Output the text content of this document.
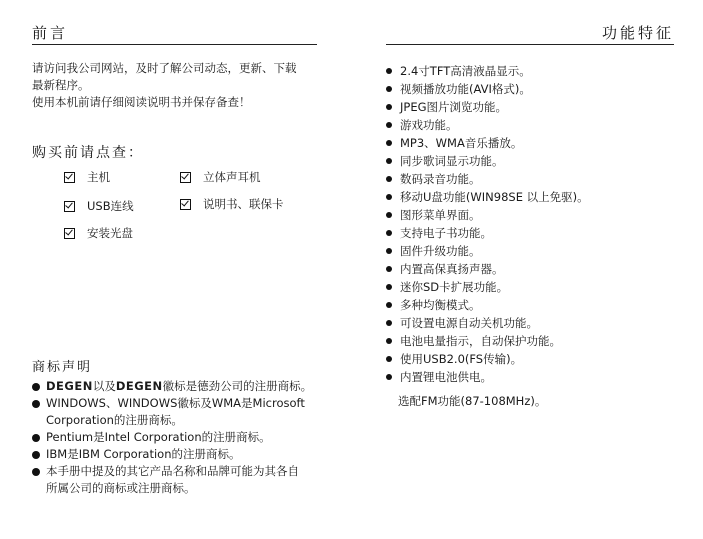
前言
请访问我公司网站，及时了解公司动态，更新、下载
最新程序。
使用本机前请仔细阅读说明书并保存备查！
购买前请点查：
主机	立体声耳机
USB连线	说明书、联保卡
安装光盘
商标声明
DEGEN以及DEGEN徽标是德劲公司的注册商标。
WINDOWS、WINDOWS徽标及WMA是Microsoft
Corporation的注册商标。
Pentium是Intel Corporation的注册商标。
IBM是IBM Corporation的注册商标。
本手册中提及的其它产品名称和品牌可能为其各自
所属公司的商标或注册商标。
功能特征
2.4寸TFT高清液晶显示。
视频播放功能(AVI格式)。
JPEG图片浏览功能。
游戏功能。
MP3、WMA音乐播放。
同步歌词显示功能。
数码录音功能。
移动U盘功能(WIN98SE 以上免驱)。
图形菜单界面。
支持电子书功能。
固件升级功能。
内置高保真扬声器。
迷你SD卡扩展功能。
多种均衡模式。
可设置电源自动关机功能。
电池电量指示，自动保护功能。
使用USB2.0(FS传输)。
内置锂电池供电。
选配FM功能(87-108MHz)。
